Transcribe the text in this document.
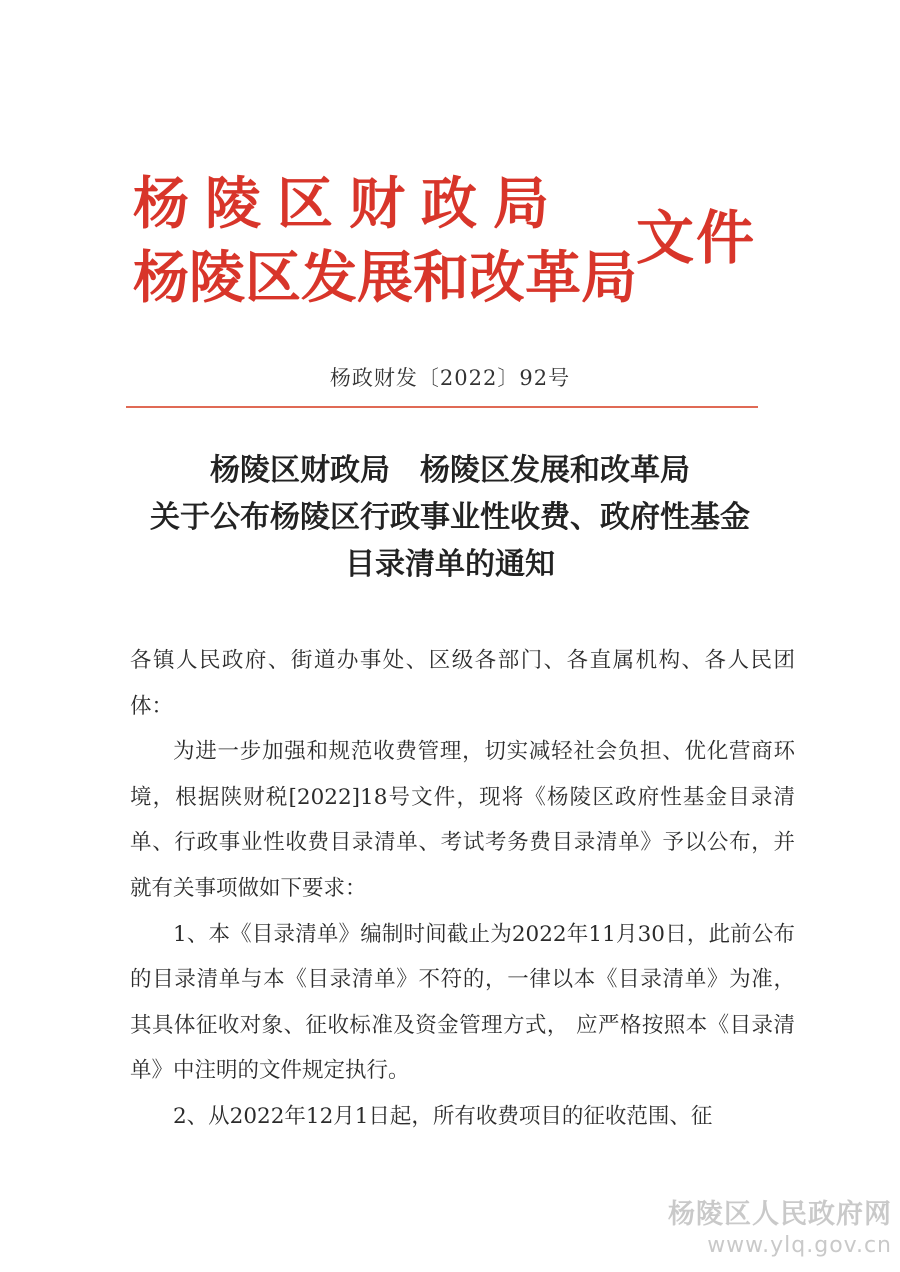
杨陵区财政局
杨陵区发展和改革局
文件
杨政财发〔2022〕92号
杨陵区财政局　杨陵区发展和改革局
关于公布杨陵区行政事业性收费、政府性基金
目录清单的通知

各镇人民政府、街道办事处、区级各部门、各直属机构、各人民团体：

为进一步加强和规范收费管理，切实减轻社会负担、优化营商环境，根据陕财税[2022]18号文件，现将《杨陵区政府性基金目录清单、行政事业性收费目录清单、考试考务费目录清单》予以公布，并就有关事项做如下要求：

1、本《目录清单》编制时间截止为2022年11月30日，此前公布的目录清单与本《目录清单》不符的，一律以本《目录清单》为准，其具体征收对象、征收标准及资金管理方式， 应严格按照本《目录清单》中注明的文件规定执行。

2、从2022年12月1日起，所有收费项目的征收范围、征

杨陵区人民政府网
www.ylq.gov.cn
